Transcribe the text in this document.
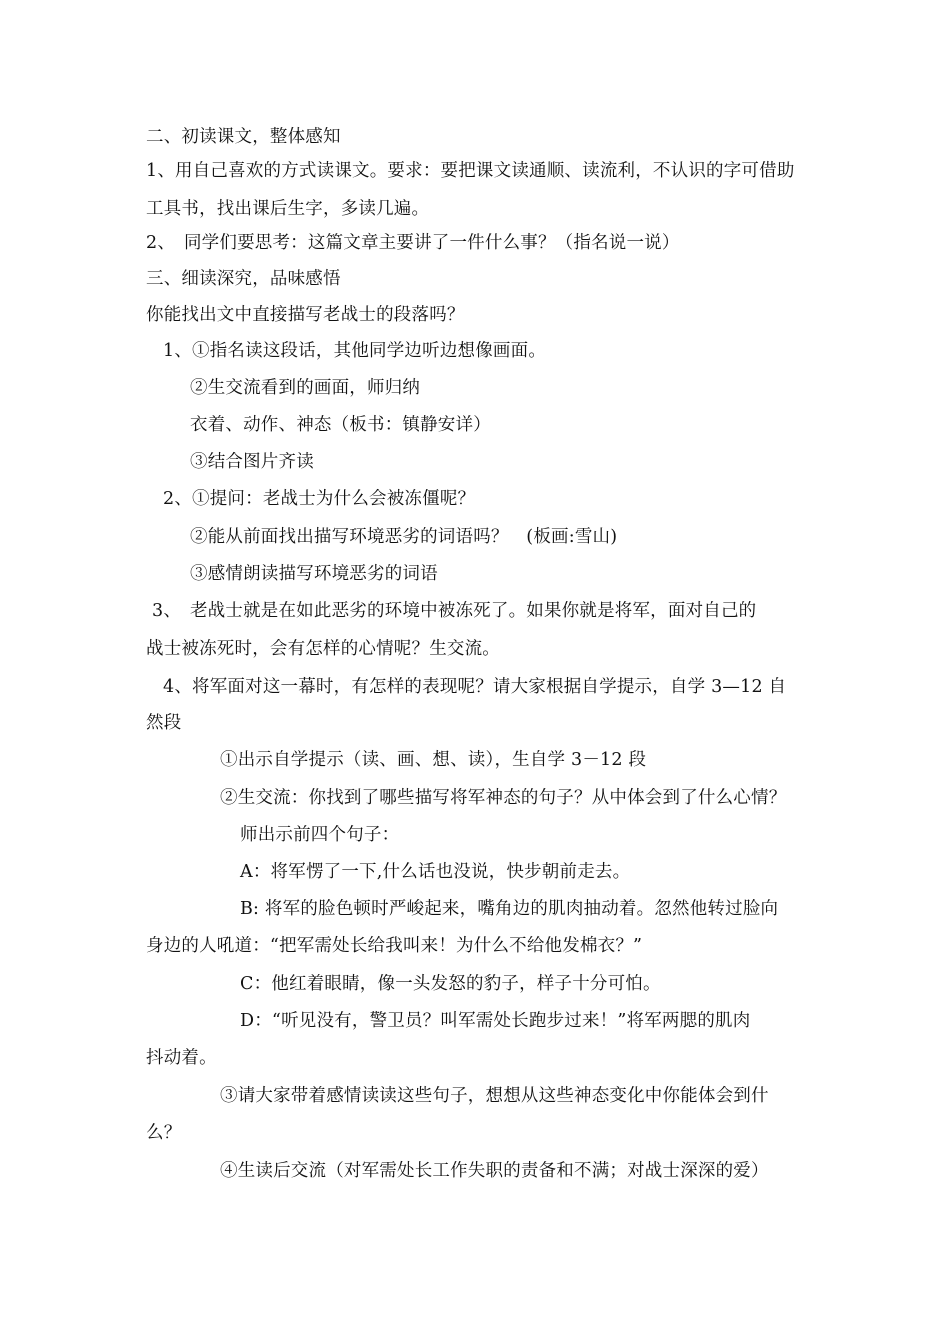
二、初读课文，整体感知
1、用自己喜欢的方式读课文。要求：要把课文读通顺、读流利，不认识的字可借助
工具书，找出课后生字，多读几遍。
2、　同学们要思考：这篇文章主要讲了一件什么事？（指名说一说）
三、细读深究，品味感悟
你能找出文中直接描写老战士的段落吗？
1、①指名读这段话，其他同学边听边想像画面。
②生交流看到的画面，师归纳
衣着、动作、神态（板书：镇静安详）
③结合图片齐读
2、①提问：老战士为什么会被冻僵呢？
②能从前面找出描写环境恶劣的词语吗？　(板画:雪山)
③感情朗读描写环境恶劣的词语
3、　老战士就是在如此恶劣的环境中被冻死了。如果你就是将军，面对自己的
战士被冻死时，会有怎样的心情呢？生交流。
4、将军面对这一幕时，有怎样的表现呢？请大家根据自学提示，自学 3—12 自
然段
①出示自学提示（读、画、想、读），生自学 3－12 段
②生交流：你找到了哪些描写将军神态的句子？从中体会到了什么心情？
师出示前四个句子：
A：将军愣了一下,什么话也没说，快步朝前走去。
B: 将军的脸色顿时严峻起来，嘴角边的肌肉抽动着。忽然他转过脸向
身边的人吼道：“把军需处长给我叫来！为什么不给他发棉衣？”
C：他红着眼睛，像一头发怒的豹子，样子十分可怕。
D：“听见没有，警卫员？叫军需处长跑步过来！”将军两腮的肌肉
抖动着。
③请大家带着感情读读这些句子，想想从这些神态变化中你能体会到什
么？
④生读后交流（对军需处长工作失职的责备和不满；对战士深深的爱）
